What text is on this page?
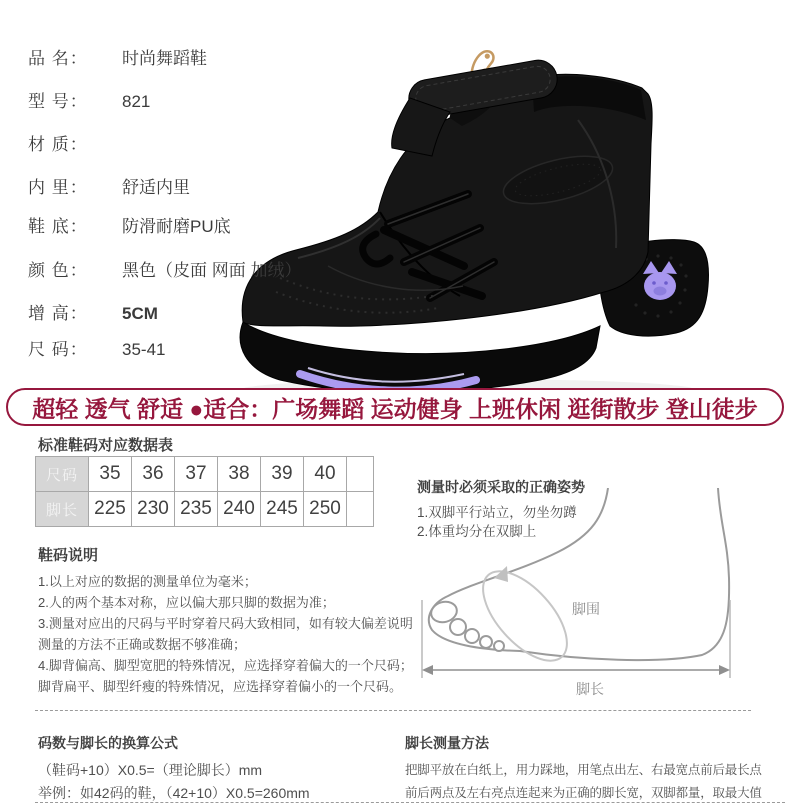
品 名： 时尚舞蹈鞋
型 号： 821
材 质：
内 里： 舒适内里
鞋 底： 防滑耐磨PU底
颜 色： 黑色（皮面 网面 加绒）
增 高： 5CM
尺 码： 35-41
超轻 透气 舒适 ●适合：广场舞蹈 运动健身 上班休闲 逛街散步 登山徒步
标准鞋码对应数据表
尺码	35	36	37	38	39	40	
脚长	225	230	235	240	245	250	
鞋码说明
1.以上对应的数据的测量单位为毫米；
2.人的两个基本对称，应以偏大那只脚的数据为准；
3.测量对应出的尺码与平时穿着尺码大致相同，如有较大偏差说明
测量的方法不正确或数据不够准确；
4.脚背偏高、脚型宽肥的特殊情况，应选择穿着偏大的一个尺码；
脚背扁平、脚型纤瘦的特殊情况，应选择穿着偏小的一个尺码。
测量时必须采取的正确姿势
1.双脚平行站立，勿坐勿蹲
2.体重均分在双脚上
脚围
脚长
码数与脚长的换算公式
（鞋码+10）X0.5=（理论脚长）mm
举例：如42码的鞋，（42+10）X0.5=260mm
脚长测量方法
把脚平放在白纸上，用力踩地，用笔点出左、右最宽点前后最长点
前后两点及左右亮点连起来为正确的脚长宽，双脚都量，取最大值
